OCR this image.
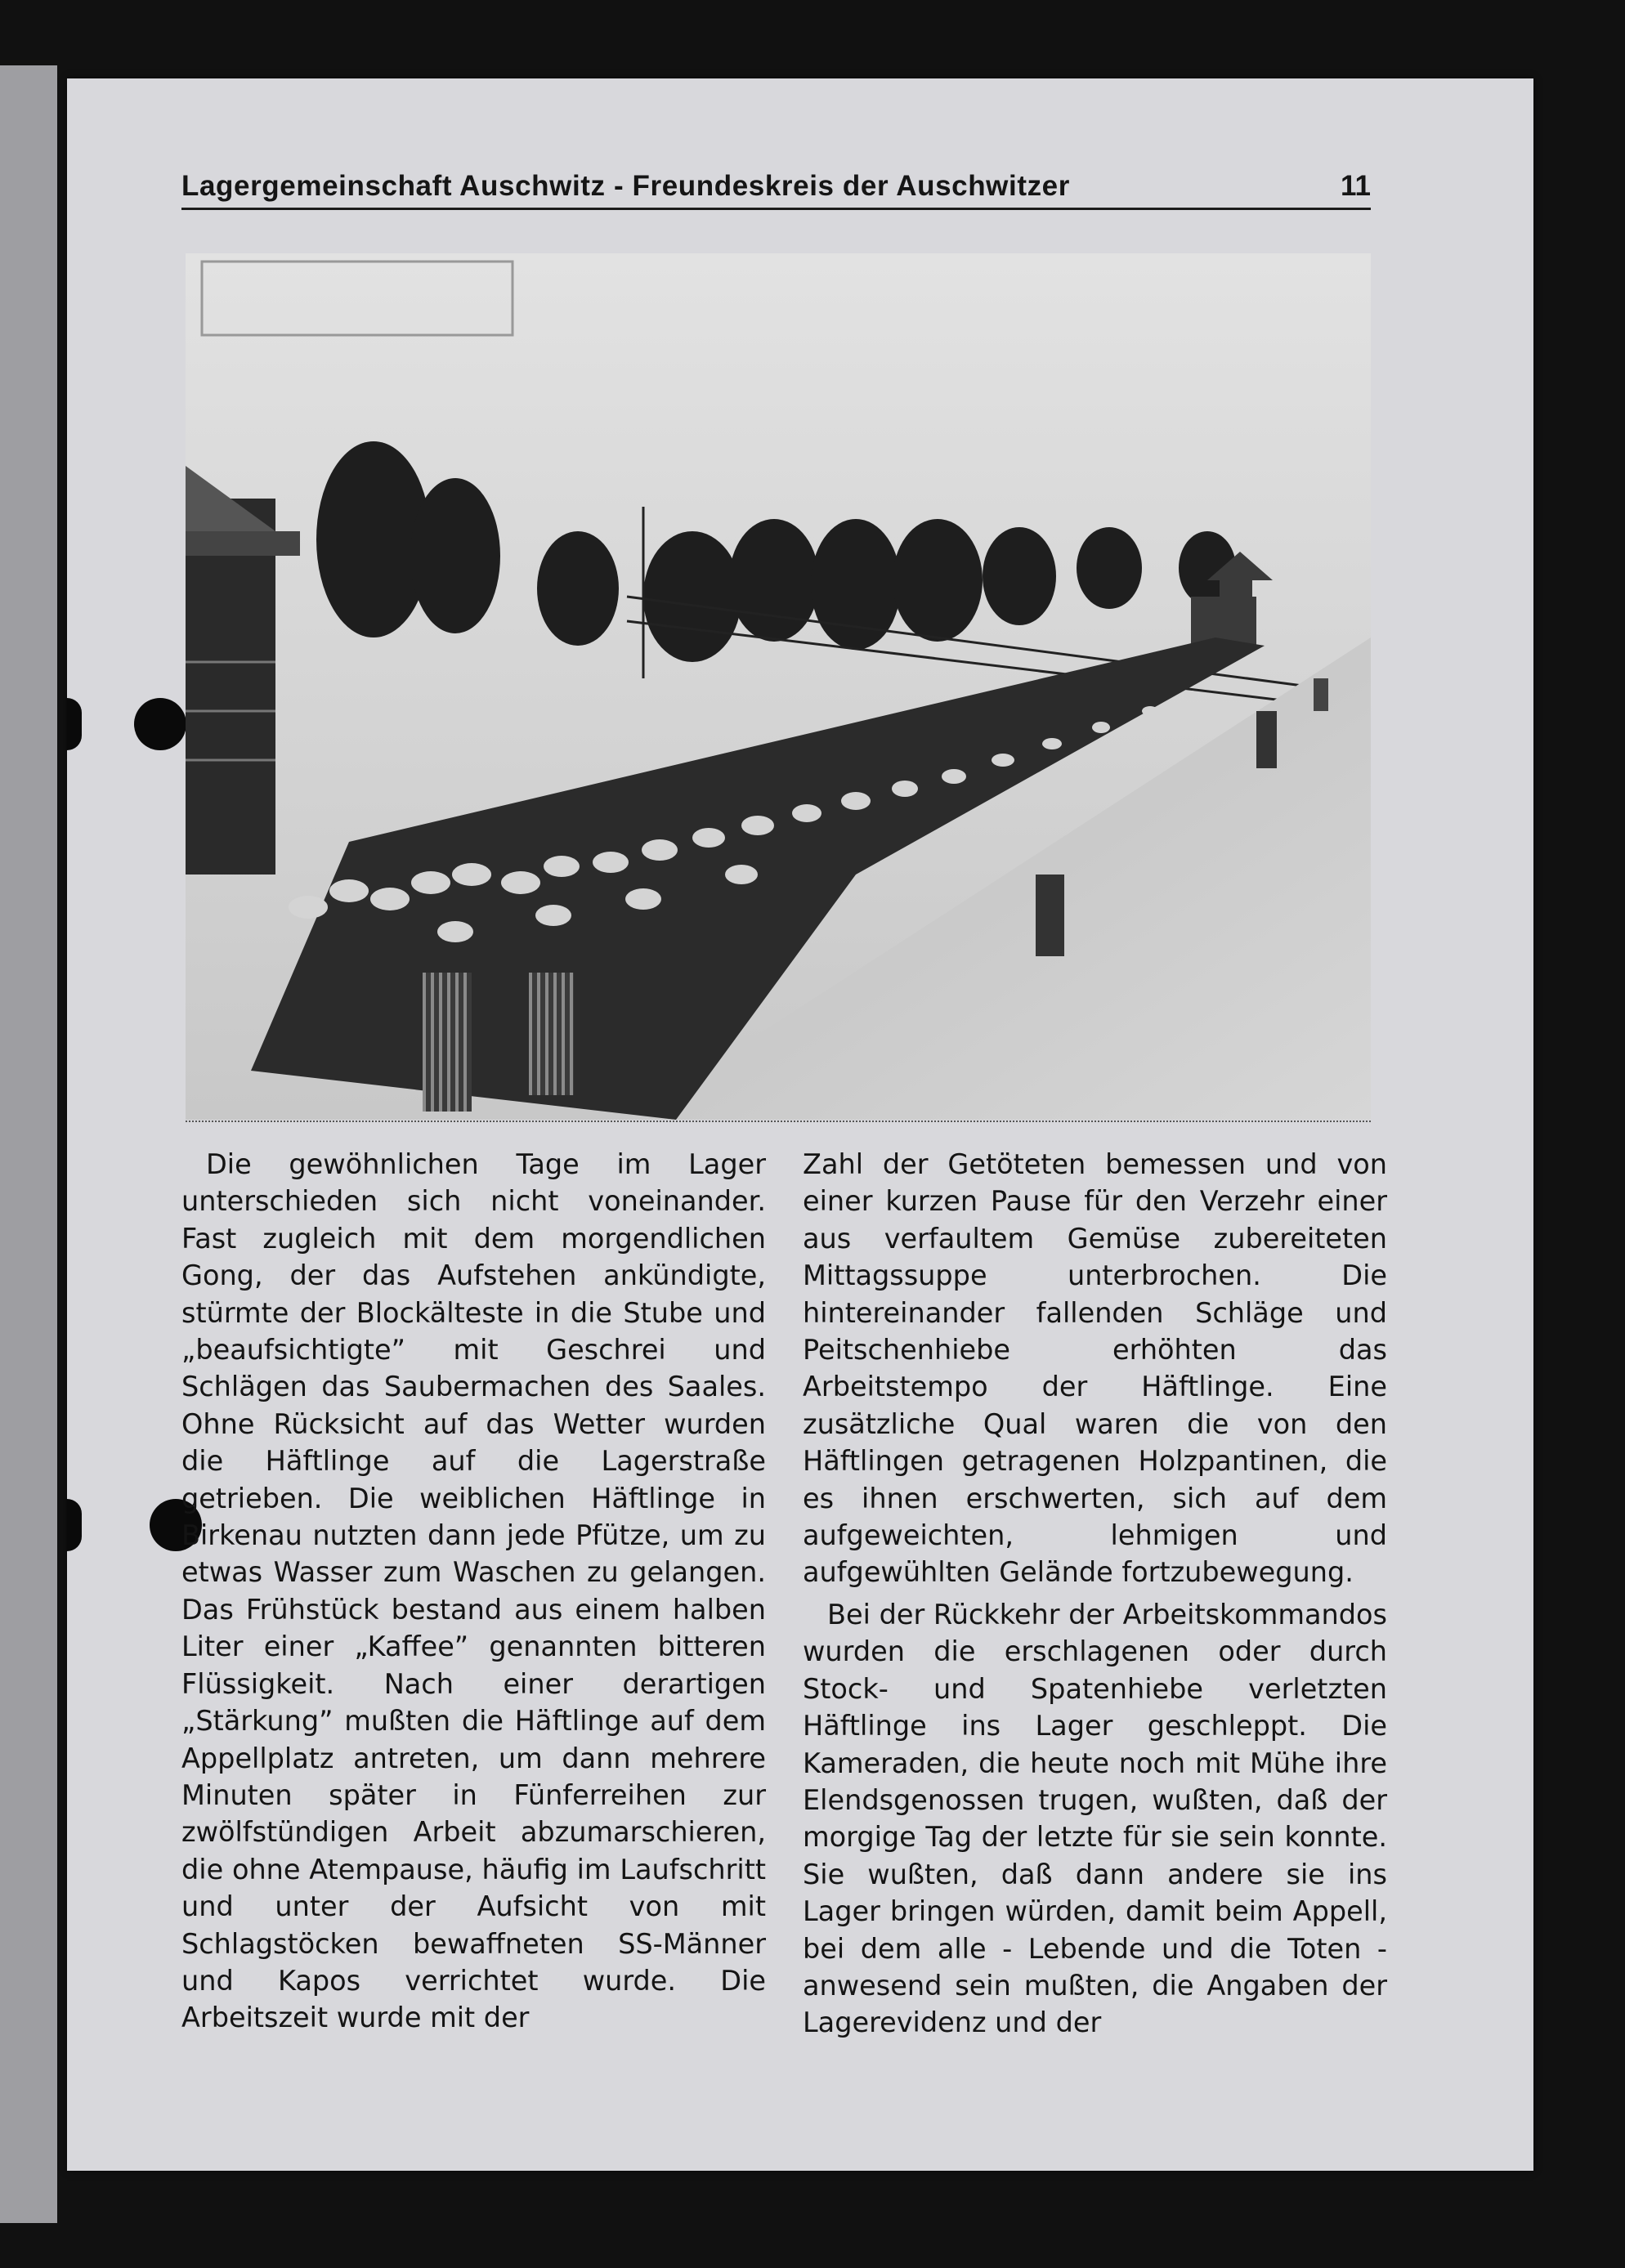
Lagergemeinschaft Auschwitz - Freundeskreis der Auschwitzer	11

Die gewöhnlichen Tage im Lager unterschieden sich nicht voneinander. Fast zugleich mit dem morgendlichen Gong, der das Aufstehen ankündigte, stürmte der Blockälteste in die Stube und „beaufsichtigte” mit Geschrei und Schlägen das Saubermachen des Saales. Ohne Rücksicht auf das Wetter wurden die Häftlinge auf die Lagerstraße getrieben. Die weiblichen Häftlinge in Birkenau nutzten dann jede Pfütze, um zu etwas Wasser zum Waschen zu gelangen. Das Frühstück bestand aus einem halben Liter einer „Kaffee” genannten bitteren Flüssigkeit. Nach einer derartigen „Stärkung” mußten die Häftlinge auf dem Appellplatz antreten, um dann mehrere Minuten später in Fünferreihen zur zwölfstündigen Arbeit abzumarschieren, die ohne Atempause, häufig im Laufschritt und unter der Aufsicht von mit Schlagstöcken bewaffneten SS-Männer und Kapos verrichtet wurde. Die Arbeitszeit wurde mit der

Zahl der Getöteten bemessen und von einer kurzen Pause für den Verzehr einer aus verfaultem Gemüse zubereiteten Mittagssuppe unterbrochen. Die hintereinander fallenden Schläge und Peitschenhiebe erhöhten das Arbeitstempo der Häftlinge. Eine zusätzliche Qual waren die von den Häftlingen getragenen Holzpantinen, die es ihnen erschwerten, sich auf dem aufgeweichten, lehmigen und aufgewühlten Gelände fortzubewegung.

Bei der Rückkehr der Arbeitskommandos wurden die erschlagenen oder durch Stock- und Spatenhiebe verletzten Häftlinge ins Lager geschleppt. Die Kameraden, die heute noch mit Mühe ihre Elendsgenossen trugen, wußten, daß der morgige Tag der letzte für sie sein konnte. Sie wußten, daß dann andere sie ins Lager bringen würden, damit beim Appell, bei dem alle - Lebende und die Toten - anwesend sein mußten, die Angaben der Lagerevidenz und der
